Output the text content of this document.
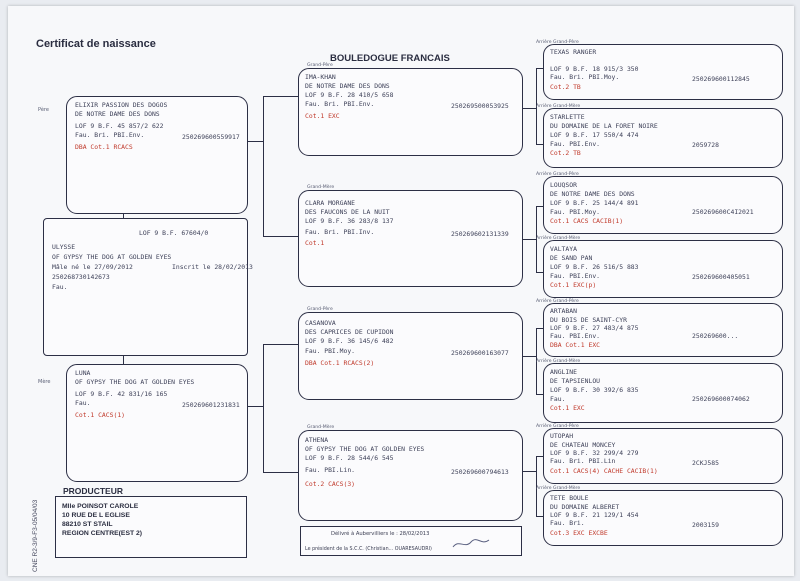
Certificat de naissance
BOULEDOGUE FRANCAIS
CNE R2-3/9-F3-05/04/03
Père
Mère
ELIXIR PASSION DES DOGOS
DE NOTRE DAME DES DONS
LOF 9 B.F. 45 857/2 622
Fau. Bri. PBI.Env.	250269600559917
DBA Cot.1 RCACS
LOF 9 B.F. 67604/0
ULYSSE
OF GYPSY THE DOG AT GOLDEN EYES
Mâle né le 27/09/2012	Inscrit le 28/02/2013
250268730142673
Fau.
LUNA
OF GYPSY THE DOG AT GOLDEN EYES
LOF 9 B.F. 42 831/16 165
Fau.	250269601231831
Cot.1 CACS(1)
Grand-Père
IMA-KHAN
DE NOTRE DAME DES DONS
LOF 9 B.F. 28 410/5 658
Fau. Bri. PBI.Env.	250269500053925
Cot.1 EXC
Grand-Mère
CLARA MORGANE
DES FAUCONS DE LA NUIT
LOF 9 B.F. 36 283/8 137
Fau. Bri. PBI.Inv.	250269602131339
Cot.1
Grand-Père
CASANOVA
DES CAPRICES DE CUPIDON
LOF 9 B.F. 36 145/6 482
Fau. PBI.Moy.	250269600163077
DBA Cot.1 RCACS(2)
Grand-Mère
ATHENA
OF GYPSY THE DOG AT GOLDEN EYES
LOF 9 B.F. 28 544/6 545
Fau. PBI.Lin.	250269600794613
Cot.2 CACS(3)
Arrière Grand-Père
TEXAS RANGER
LOF 9 B.F. 18 915/3 350
Fau. Bri. PBI.Moy.	250269600112845
Cot.2 TB
Arrière Grand-Mère
STARLETTE
DU DOMAINE DE LA FORET NOIRE
LOF 9 B.F. 17 550/4 474
Fau. PBI.Env.	2059728
Cot.2 TB
Arrière Grand-Père
LOUQSOR
DE NOTRE DAME DES DONS
LOF 9 B.F. 25 144/4 891
Fau. PBI.Moy.	250269600C4I2021
Cot.1 CACS CACIB(1)
Arrière Grand-Mère
VALTAYA
DE SAND PAN
LOF 9 B.F. 26 516/5 883
Fau. PBI.Env.	250269600405051
Cot.1 EXC(p)
Arrière Grand-Père
ARTABAN
DU BOIS DE SAINT-CYR
LOF 9 B.F. 27 483/4 875
Fau. PBI.Env.	250269600...
DBA Cot.1 EXC
Arrière Grand-Mère
ANGLINE
DE TAPSIENLOU
LOF 9 B.F. 30 392/6 835
Fau.	250269600074062
Cot.1 EXC
Arrière Grand-Père
UTOPAH
DE CHATEAU MONCEY
LOF 9 B.F. 32 299/4 279
Fau. Bri. PBI.Lin	2CKJ585
Cot.1 CACS(4) CACHE CACIB(1)
Arrière Grand-Mère
TETE BOULE
DU DOMAINE ALBERET
LOF 9 B.F. 21 129/1 454
Fau. Bri.	2003159
Cot.3 EXC EXCBE
PRODUCTEUR
Mlle POINSOT CAROLE
10 RUE DE L EGLISE
88210 ST STAIL
REGION CENTRE(EST 2)	Délivré à Aubervilliers le : 28/02/2013
Le président de la S.C.C. (Christian... OUARESAUDRI)
